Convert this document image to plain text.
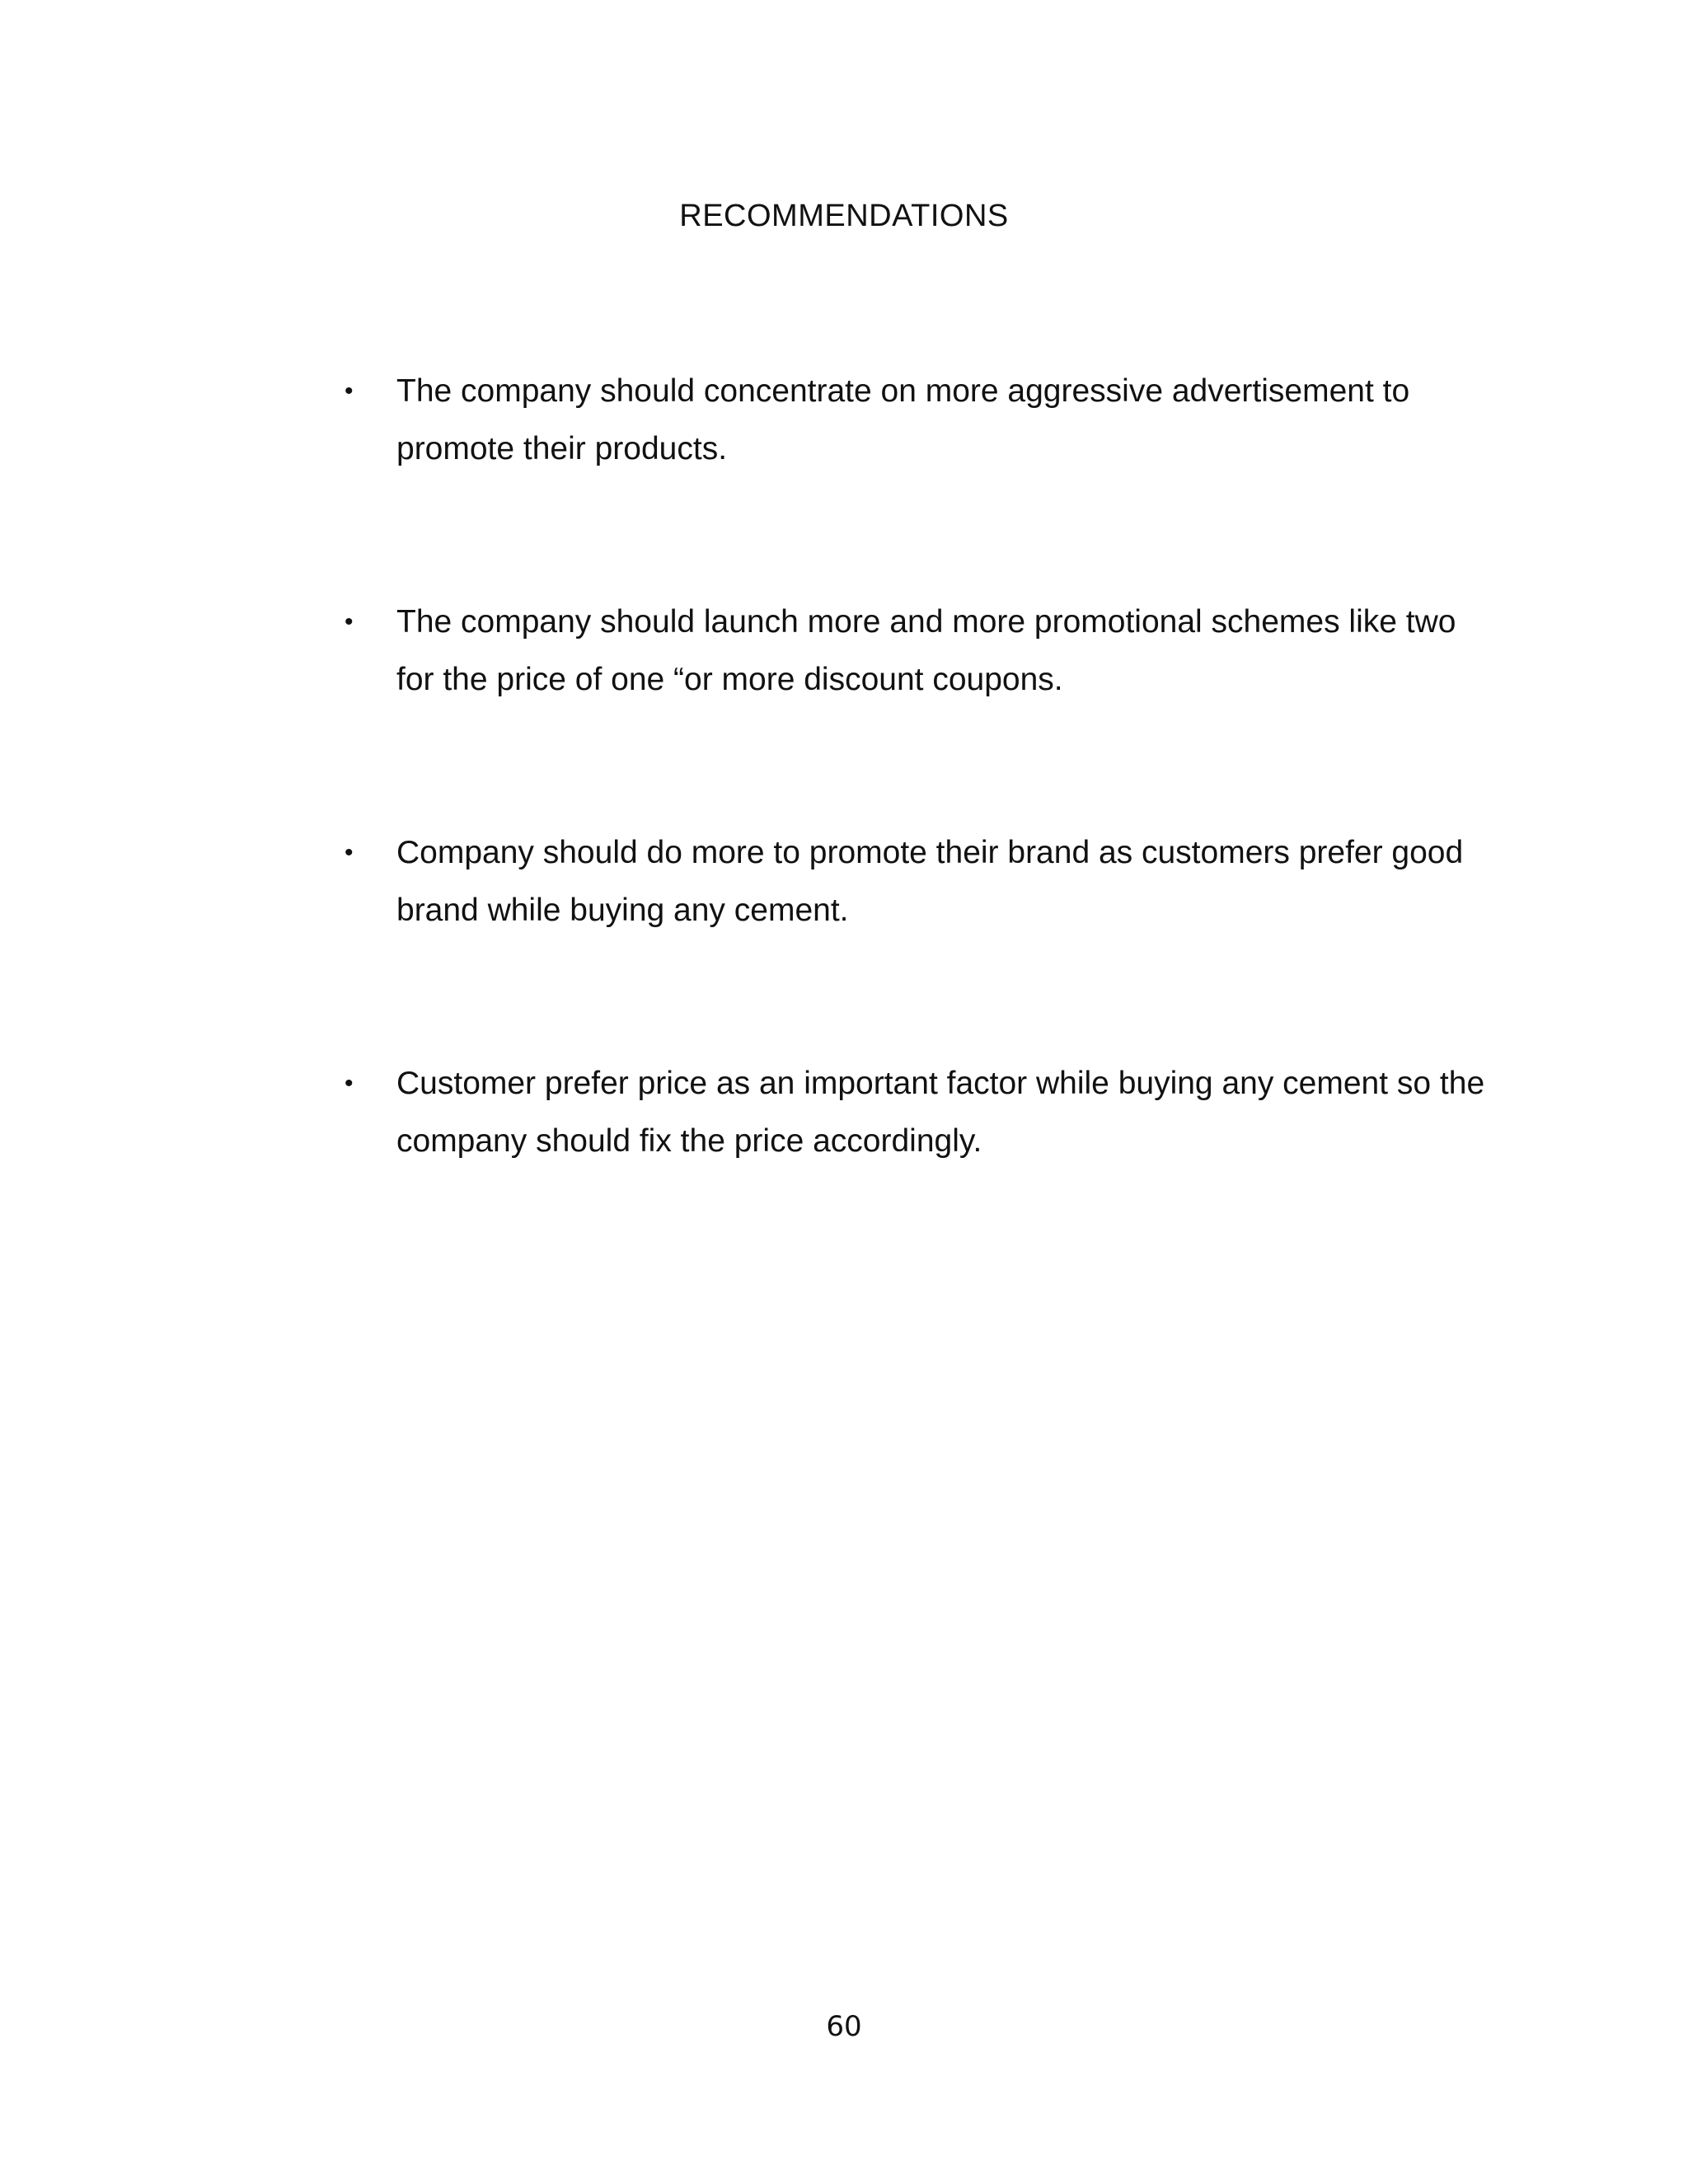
RECOMMENDATIONS
• The company should concentrate on more aggressive advertisement to promote their products.
• The company should launch more and more promotional schemes like two for the price of one “or more discount coupons.
• Company should do more to promote their brand as customers prefer good brand while buying any cement.
• Customer prefer price as an important factor while buying any cement so the company should fix the price accordingly.
60
